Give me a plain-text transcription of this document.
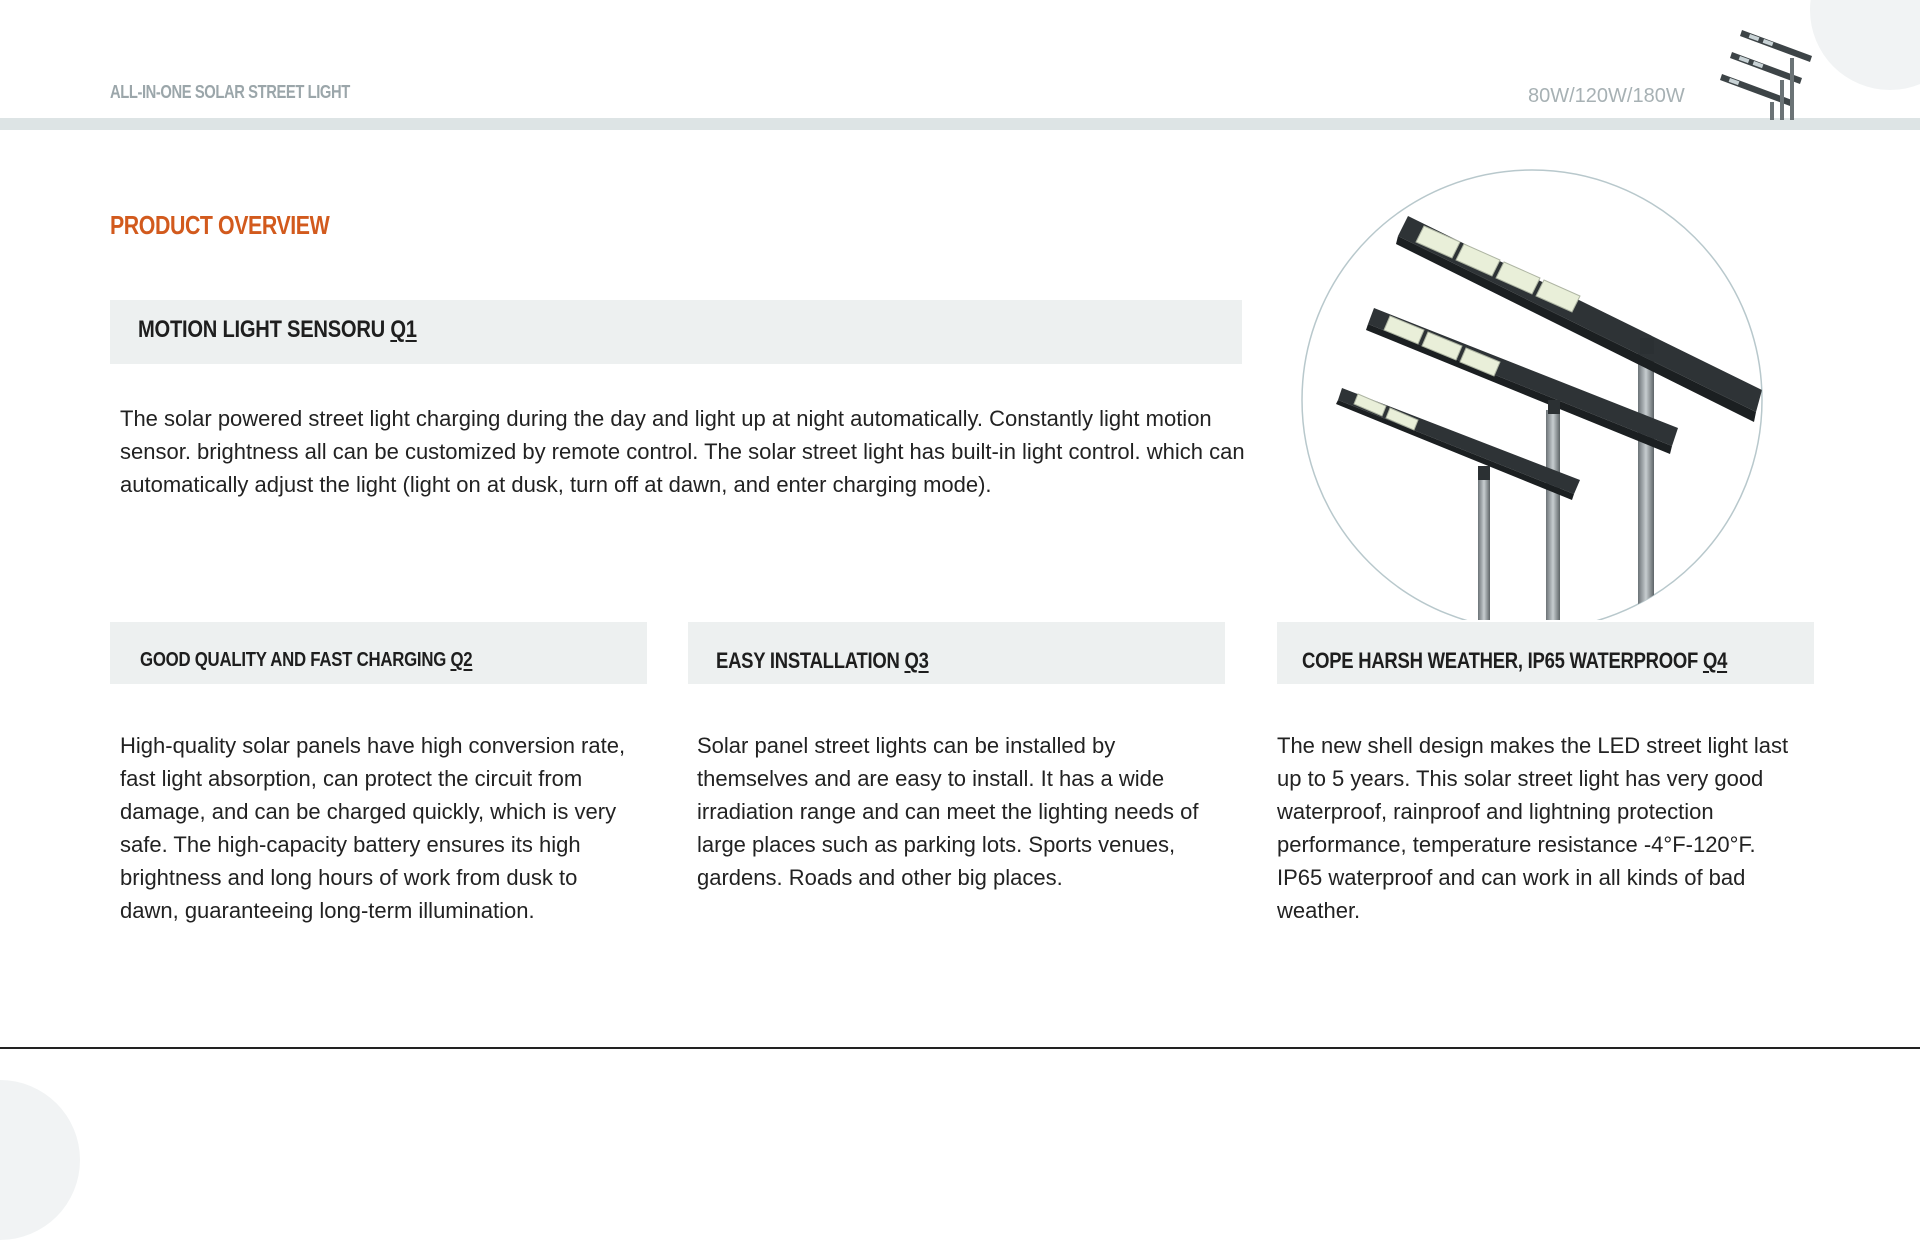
ALL-IN-ONE SOLAR STREET LIGHT	80W/120W/180W
PRODUCT OVERVIEW
MOTION LIGHT SENSORU Q1

The solar powered street light charging during the day and light up at night automatically. Constantly light motion sensor. brightness all can be customized by remote control. The solar street light has built-in light control. which can automatically adjust the light (light on at dusk, turn off at dawn, and enter charging mode).

GOOD QUALITY AND FAST CHARGING Q2

High-quality solar panels have high conversion rate, fast light absorption, can protect the circuit from damage, and can be charged quickly, which is very safe. The high-capacity battery ensures its high brightness and long hours of work from dusk to dawn, guaranteeing long-term illumination.

EASY INSTALLATION Q3

Solar panel street lights can be installed by themselves and are easy to install. It has a wide irradiation range and can meet the lighting needs of large places such as parking lots. Sports venues, gardens. Roads and other big places.

COPE HARSH WEATHER, IP65 WATERPROOF Q4

The new shell design makes the LED street light last up to 5 years. This solar street light has very good waterproof, rainproof and lightning protection performance, temperature resistance -4°F-120°F. IP65 waterproof and can work in all kinds of bad weather.
